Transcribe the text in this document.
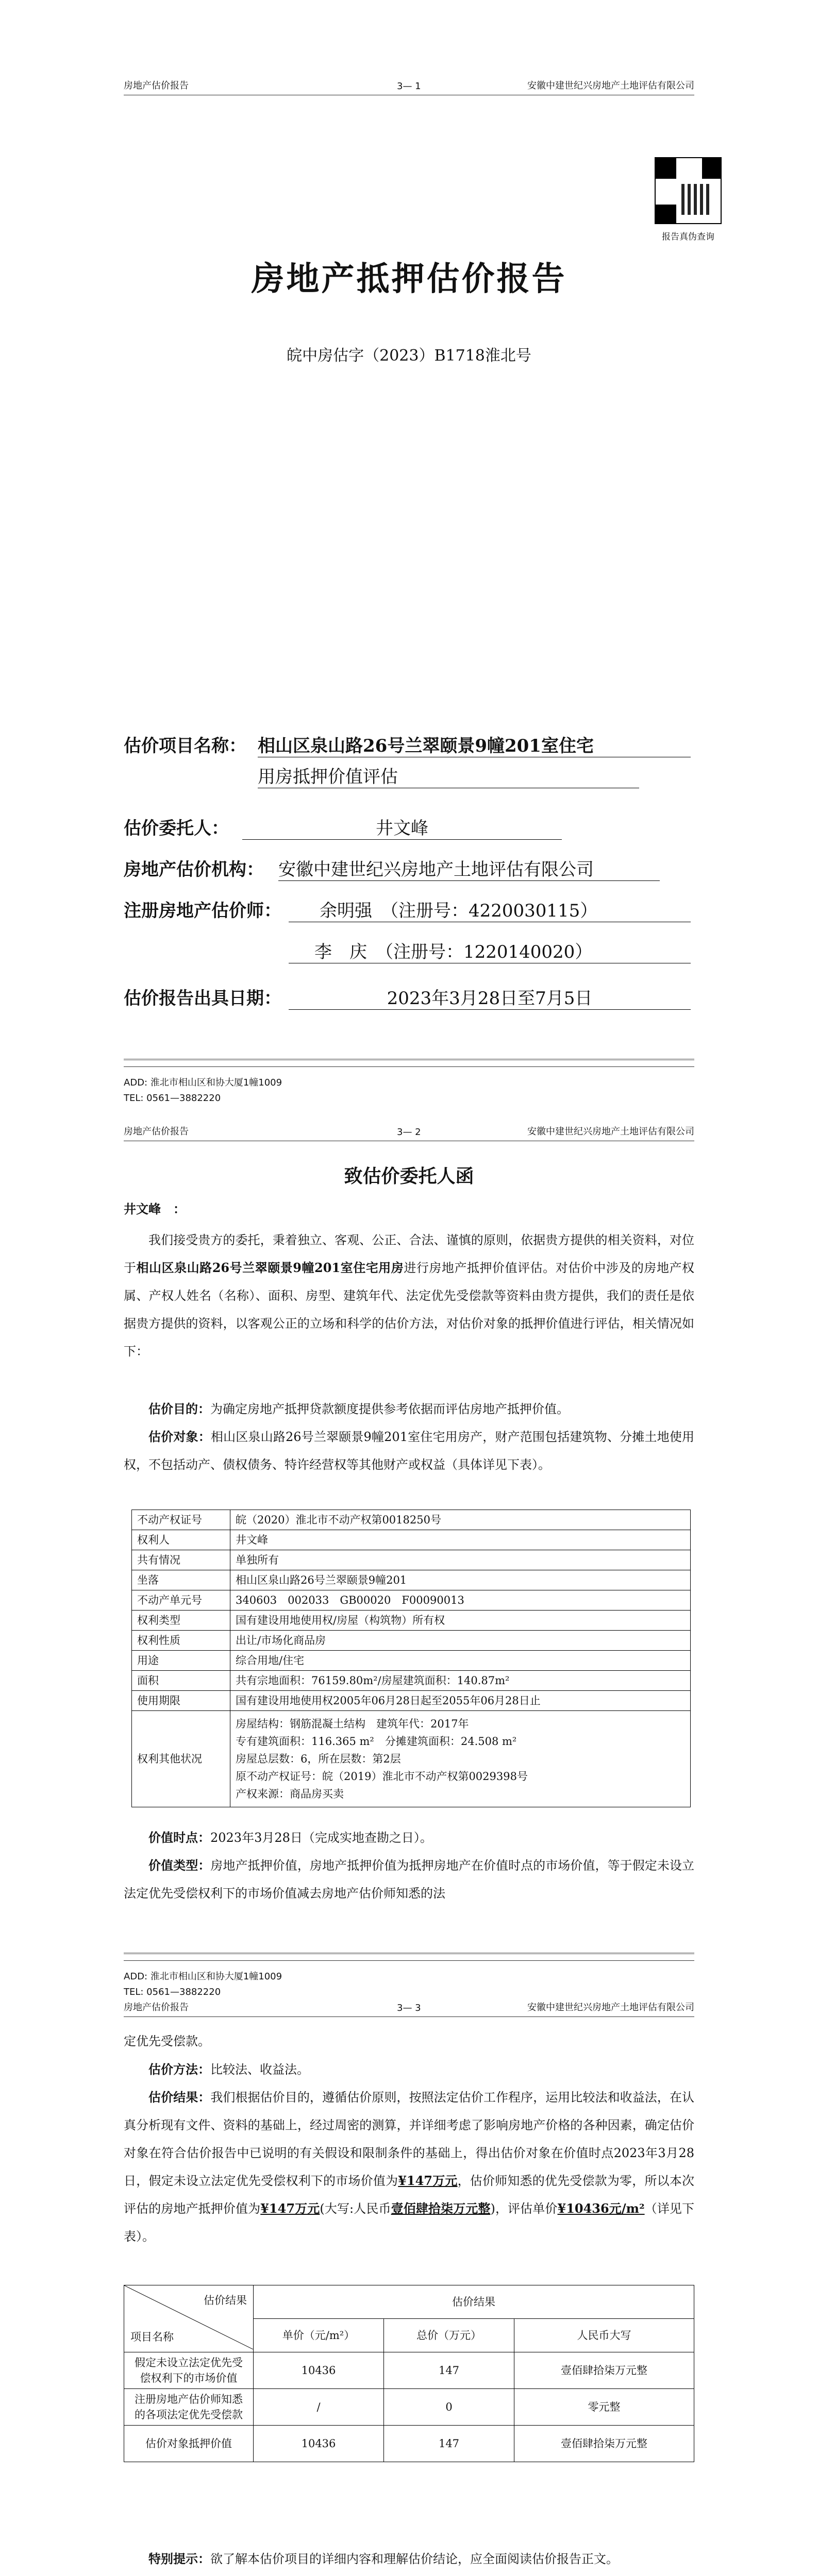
房地产估价报告	3— 1	安徽中建世纪兴房地产土地评估有限公司
报告真伪查询
房地产抵押估价报告
皖中房估字（2023）B1718淮北号
估价项目名称： 相山区泉山路26号兰翠颐景9幢201室住宅
用房抵押价值评估
估价委托人：	井文峰
房地产估价机构： 安徽中建世纪兴房地产土地评估有限公司
注册房地产估价师：	余明强　（注册号：4220030115）
李　庆　（注册号：1220140020）
估价报告出具日期：	2023年3月28日至7月5日
ADD: 淮北市相山区和协大厦1幢1009
TEL: 0561—3882220
房地产估价报告	3— 2	安徽中建世纪兴房地产土地评估有限公司
致估价委托人函
井文峰　：
我们接受贵方的委托，秉着独立、客观、公正、合法、谨慎的原则，依据贵方提供的相关资料，对位于相山区泉山路26号兰翠颐景9幢201室住宅用房进行房地产抵押价值评估。对估价中涉及的房地产权属、产权人姓名（名称）、面积、房型、建筑年代、法定优先受偿款等资料由贵方提供，我们的责任是依据贵方提供的资料，以客观公正的立场和科学的估价方法，对估价对象的抵押价值进行评估，相关情况如下：
估价目的：为确定房地产抵押贷款额度提供参考依据而评估房地产抵押价值。
估价对象：相山区泉山路26号兰翠颐景9幢201室住宅用房产，财产范围包括建筑物、分摊土地使用权，不包括动产、债权债务、特许经营权等其他财产或权益（具体详见下表）。
不动产权证号	皖（2020）淮北市不动产权第0018250号
权利人	井文峰
共有情况	单独所有
坐落	相山区泉山路26号兰翠颐景9幢201
不动产单元号	340603　002033　GB00020　F00090013
权利类型	国有建设用地使用权/房屋（构筑物）所有权
权利性质	出让/市场化商品房
用途	综合用地/住宅
面积	共有宗地面积：76159.80m²/房屋建筑面积：140.87m²
使用期限	国有建设用地使用权2005年06月28日起至2055年06月28日止
权利其他状况	房屋结构：钢筋混凝土结构　建筑年代：2017年
专有建筑面积：116.365 m²　分摊建筑面积：24.508 m²
房屋总层数：6，所在层数：第2层
原不动产权证号：皖（2019）淮北市不动产权第0029398号
产权来源：商品房买卖
价值时点：2023年3月28日（完成实地查勘之日）。
价值类型：房地产抵押价值，房地产抵押价值为抵押房地产在价值时点的市场价值，等于假定未设立法定优先受偿权利下的市场价值减去房地产估价师知悉的法
ADD: 淮北市相山区和协大厦1幢1009
TEL: 0561—3882220
房地产估价报告	3— 3	安徽中建世纪兴房地产土地评估有限公司
定优先受偿款。
估价方法：比较法、收益法。
估价结果：我们根据估价目的，遵循估价原则，按照法定估价工作程序，运用比较法和收益法，在认真分析现有文件、资料的基础上，经过周密的测算，并详细考虑了影响房地产价格的各种因素，确定估价对象在符合估价报告中已说明的有关假设和限制条件的基础上，得出估价对象在价值时点2023年3月28日，假定未设立法定优先受偿权利下的市场价值为¥147万元，估价师知悉的优先受偿款为零，所以本次评估的房地产抵押价值为¥147万元(大写:人民币壹佰肆拾柒万元整)，评估单价¥10436元/m²（详见下表）。
估价结果
项目名称	估价结果		
	单价（元/m²）	总价（万元）	人民币大写
假定未设立法定优先受偿权利下的市场价值	10436	147	壹佰肆拾柒万元整
注册房地产估价师知悉的各项法定优先受偿款	/	0	零元整
估价对象抵押价值	10436	147	壹佰肆拾柒万元整
特别提示：欲了解本估价项目的详细内容和理解估价结论，应全面阅读估价报告正文。
